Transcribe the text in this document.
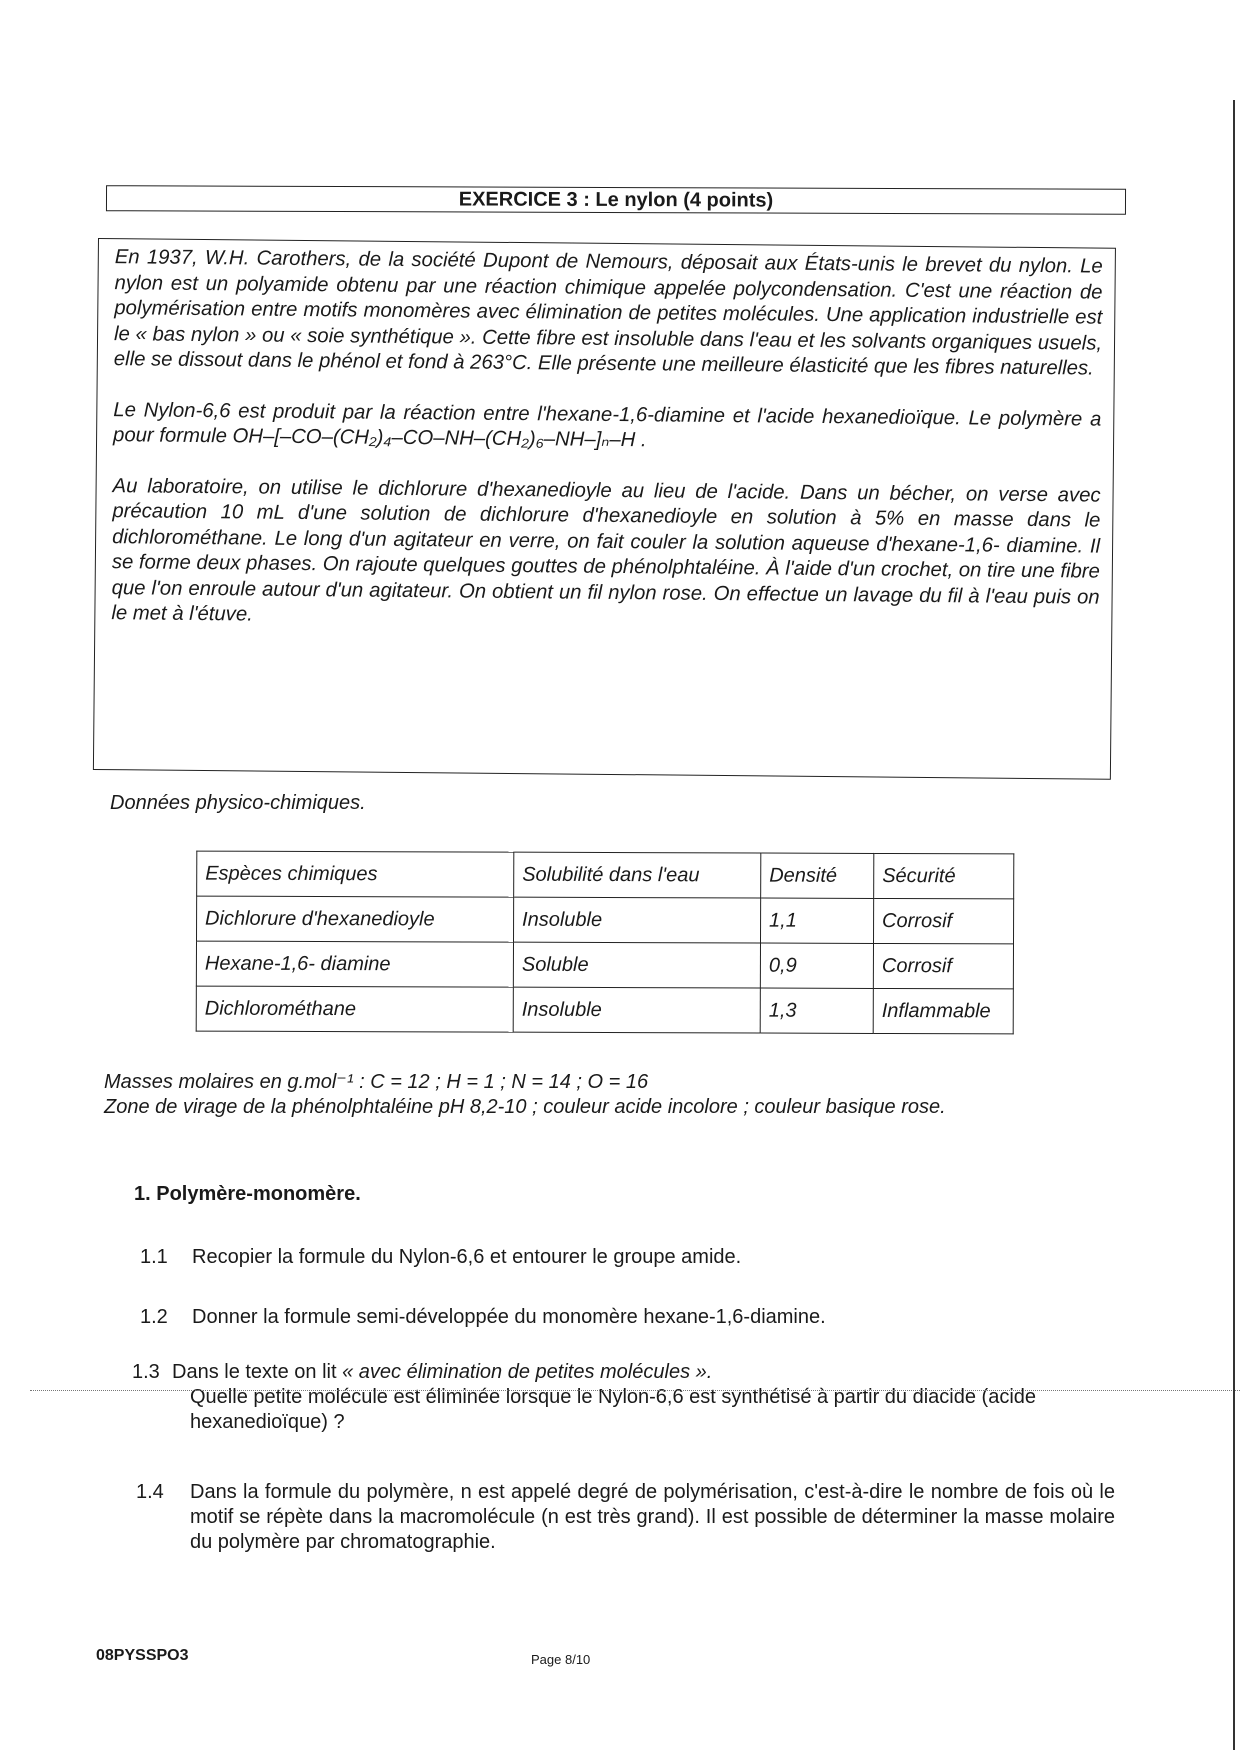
EXERCICE 3 : Le nylon (4 points)

En 1937, W.H. Carothers, de la société Dupont de Nemours, déposait aux États-unis le brevet du nylon. Le nylon est un polyamide obtenu par une réaction chimique appelée polycondensation. C'est une réaction de polymérisation entre motifs monomères avec élimination de petites molécules. Une application industrielle est le « bas nylon » ou « soie synthétique ». Cette fibre est insoluble dans l'eau et les solvants organiques usuels, elle se dissout dans le phénol et fond à 263°C. Elle présente une meilleure élasticité que les fibres naturelles.

Le Nylon-6,6 est produit par la réaction entre l'hexane-1,6-diamine et l'acide hexanedioïque. Le polymère a pour formule OH–[–CO–(CH₂)₄–CO–NH–(CH₂)₆–NH–]ₙ–H .

Au laboratoire, on utilise le dichlorure d'hexanedioyle au lieu de l'acide. Dans un bécher, on verse avec précaution 10 mL d'une solution de dichlorure d'hexanedioyle en solution à 5% en masse dans le dichlorométhane. Le long d'un agitateur en verre, on fait couler la solution aqueuse d'hexane-1,6- diamine. Il se forme deux phases. On rajoute quelques gouttes de phénolphtaléine. À l'aide d'un crochet, on tire une fibre que l'on enroule autour d'un agitateur. On obtient un fil nylon rose. On effectue un lavage du fil à l'eau puis on le met à l'étuve.

Données physico-chimiques.
Espèces chimiques	Solubilité dans l'eau	Densité	Sécurité
Dichlorure d'hexanedioyle	Insoluble	1,1	Corrosif
Hexane-1,6- diamine	Soluble	0,9	Corrosif
Dichlorométhane	Insoluble	1,3	Inflammable
Masses molaires en g.mol⁻¹ : C = 12 ; H = 1 ; N = 14 ; O = 16
Zone de virage de la phénolphtaléine pH 8,2-10 ; couleur acide incolore ; couleur basique rose.
1. Polymère-monomère.
1.1 Recopier la formule du Nylon-6,6 et entourer le groupe amide.
1.2 Donner la formule semi-développée du monomère hexane-1,6-diamine.
1.3 Dans le texte on lit « avec élimination de petites molécules ».
Quelle petite molécule est éliminée lorsque le Nylon-6,6 est synthétisé à partir du diacide (acide hexanedioïque) ?
1.4 Dans la formule du polymère, n est appelé degré de polymérisation, c'est-à-dire le nombre de fois où le motif se répète dans la macromolécule (n est très grand). Il est possible de déterminer la masse molaire du polymère par chromatographie.
08PYSSPO3	Page 8/10
